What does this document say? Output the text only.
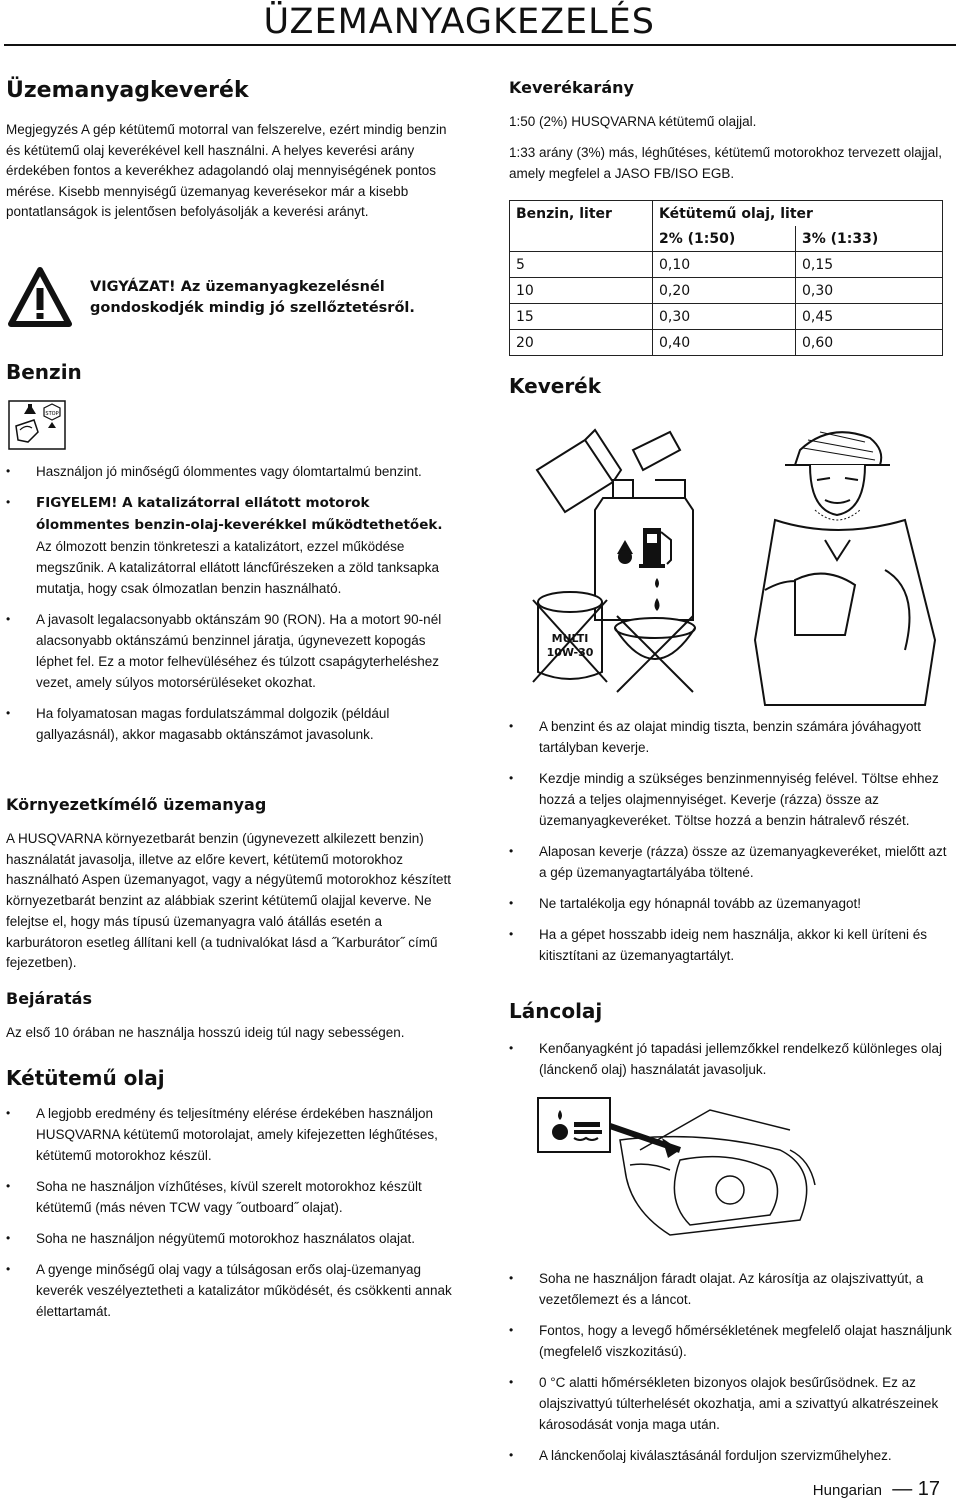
ÜZEMANYAGKEZELÉS
Üzemanyagkeverék

Megjegyzés A gép kétütemű motorral van felszerelve, ezért mindig benzin és kétütemű olaj keverékével kell használni. A helyes keverési arány érdekében fontos a keverékhez adagolandó olaj mennyiségének pontos mérése. Kisebb mennyiségű üzemanyag keverésekor már a kisebb pontatlanságok is jelentősen befolyásolják a keverési arányt.

VIGYÁZAT! Az üzemanyagkezelésnél
gondoskodjék mindig jó szellőztetésről.
Benzin
STOP
• Használjon jó minőségű ólommentes vagy ólomtartalmú benzint.
• FIGYELEM! A katalizátorral ellátott motorok ólommentes benzin-olaj-keverékkel működtethetőek. Az ólmozott benzin tönkreteszi a katalizátort, ezzel működése megszűnik. A katalizátorral ellátott láncfűrészeken a zöld tanksapka mutatja, hogy csak ólmozatlan benzin használható.
• A javasolt legalacsonyabb oktánszám 90 (RON). Ha a motort 90-nél alacsonyabb oktánszámú benzinnel járatja, úgynevezett kopogás léphet fel. Ez a motor felhevüléséhez és túlzott csapágyterheléshez vezet, amely súlyos motorsérüléseket okozhat.
• Ha folyamatosan magas fordulatszámmal dolgozik (például gallyazásnál), akkor magasabb oktánszámot javasolunk.
Környezetkímélő üzemanyag

A HUSQVARNA környezetbarát benzin (úgynevezett alkilezett benzin) használatát javasolja, illetve az előre kevert, kétütemű motorokhoz használható Aspen üzemanyagot, vagy a négyütemű motorokhoz készített környezetbarát benzint az alábbiak szerint kétütemű olajjal keverve. Ne felejtse el, hogy más típusú üzemanyagra való átállás esetén a karburátoron esetleg állítani kell (a tudnivalókat lásd a ˝Karburátor˝ című fejezetben).

Bejáratás

Az első 10 órában ne használja hosszú ideig túl nagy sebességen.

Kétütemű olaj
• A legjobb eredmény és teljesítmény elérése érdekében használjon HUSQVARNA kétütemű motorolajat, amely kifejezetten léghűtéses, kétütemű motorokhoz készül.
• Soha ne használjon vízhűtéses, kívül szerelt motorokhoz készült kétütemű (más néven TCW vagy ˝outboard˝ olajat).
• Soha ne használjon négyütemű motorokhoz használatos olajat.
• A gyenge minőségű olaj vagy a túlságosan erős olaj-üzemanyag keverék veszélyeztetheti a katalizátor működését, és csökkenti annak élettartamát.
Keverékarány

1:50 (2%) HUSQVARNA kétütemű olajjal.

1:33 arány (3%) más, léghűtéses, kétütemű motorokhoz tervezett olajjal, amely megfelel a JASO FB/ISO EGB.

Benzin, liter	Kétütemű olaj, liter	
	2% (1:50)	3% (1:33)
5	0,10	0,15
10	0,20	0,30
15	0,30	0,45
20	0,40	0,60
Keverék
MULTI
10W-30
• A benzint és az olajat mindig tiszta, benzin számára jóváhagyott tartályban keverje.
• Kezdje mindig a szükséges benzinmennyiség felével. Töltse ehhez hozzá a teljes olajmennyiséget. Keverje (rázza) össze az üzemanyagkeveréket. Töltse hozzá a benzin hátralevő részét.
• Alaposan keverje (rázza) össze az üzemanyagkeveréket, mielőtt azt a gép üzemanyagtartályába töltené.
• Ne tartalékolja egy hónapnál tovább az üzemanyagot!
• Ha a gépet hosszabb ideig nem használja, akkor ki kell üríteni és kitisztítani az üzemanyagtartályt.
Láncolaj
• Kenőanyagként jó tapadási jellemzőkkel rendelkező különleges olaj (lánckenő olaj) használatát javasoljuk.
• Soha ne használjon fáradt olajat. Az károsítja az olajszivattyút, a vezetőlemezt és a láncot.
• Fontos, hogy a levegő hőmérsékletének megfelelő olajat használjunk (megfelelő viszkozitású).
• 0 °C alatti hőmérsékleten bizonyos olajok besűrűsödnek. Ez az olajszivattyú túlterhelését okozhatja, ami a szivattyú alkatrészeinek károsodását vonja maga után.
• A lánckenőolaj kiválasztásánál forduljon szervizműhelyhez.
Hungarian — 17
